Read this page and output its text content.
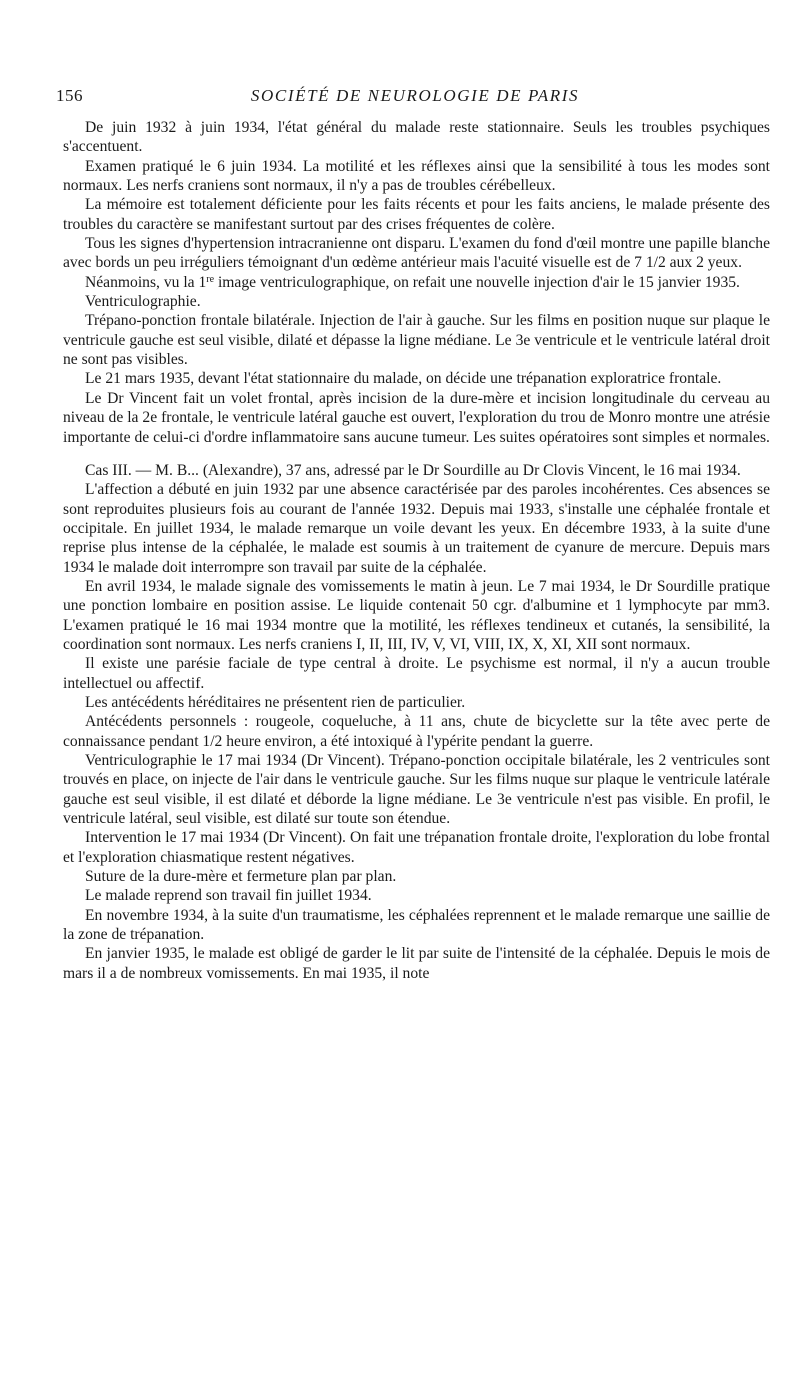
156	SOCIÉTÉ DE NEUROLOGIE DE PARIS

De juin 1932 à juin 1934, l'état général du malade reste stationnaire. Seuls les troubles psychiques s'accentuent.

Examen pratiqué le 6 juin 1934. La motilité et les réflexes ainsi que la sensibilité à tous les modes sont normaux. Les nerfs craniens sont normaux, il n'y a pas de troubles cérébelleux.

La mémoire est totalement déficiente pour les faits récents et pour les faits anciens, le malade présente des troubles du caractère se manifestant surtout par des crises fréquentes de colère.

Tous les signes d'hypertension intracranienne ont disparu. L'examen du fond d'œil montre une papille blanche avec bords un peu irréguliers témoignant d'un œdème antérieur mais l'acuité visuelle est de 7 1/2 aux 2 yeux.

Néanmoins, vu la 1re image ventriculographique, on refait une nouvelle injection d'air le 15 janvier 1935.

Ventriculographie.

Trépano-ponction frontale bilatérale. Injection de l'air à gauche. Sur les films en position nuque sur plaque le ventricule gauche est seul visible, dilaté et dépasse la ligne médiane. Le 3e ventricule et le ventricule latéral droit ne sont pas visibles.

Le 21 mars 1935, devant l'état stationnaire du malade, on décide une trépanation exploratrice frontale.

Le Dr Vincent fait un volet frontal, après incision de la dure-mère et incision longitudinale du cerveau au niveau de la 2e frontale, le ventricule latéral gauche est ouvert, l'exploration du trou de Monro montre une atrésie importante de celui-ci d'ordre inflammatoire sans aucune tumeur. Les suites opératoires sont simples et normales.

Cas III. — M. B... (Alexandre), 37 ans, adressé par le Dr Sourdille au Dr Clovis Vincent, le 16 mai 1934.

L'affection a débuté en juin 1932 par une absence caractérisée par des paroles incohérentes. Ces absences se sont reproduites plusieurs fois au courant de l'année 1932. Depuis mai 1933, s'installe une céphalée frontale et occipitale. En juillet 1934, le malade remarque un voile devant les yeux. En décembre 1933, à la suite d'une reprise plus intense de la céphalée, le malade est soumis à un traitement de cyanure de mercure. Depuis mars 1934 le malade doit interrompre son travail par suite de la céphalée.

En avril 1934, le malade signale des vomissements le matin à jeun. Le 7 mai 1934, le Dr Sourdille pratique une ponction lombaire en position assise. Le liquide contenait 50 cgr. d'albumine et 1 lymphocyte par mm3. L'examen pratiqué le 16 mai 1934 montre que la motilité, les réflexes tendineux et cutanés, la sensibilité, la coordination sont normaux. Les nerfs craniens I, II, III, IV, V, VI, VIII, IX, X, XI, XII sont normaux.

Il existe une parésie faciale de type central à droite. Le psychisme est normal, il n'y a aucun trouble intellectuel ou affectif.

Les antécédents héréditaires ne présentent rien de particulier.

Antécédents personnels : rougeole, coqueluche, à 11 ans, chute de bicyclette sur la tête avec perte de connaissance pendant 1/2 heure environ, a été intoxiqué à l'ypérite pendant la guerre.

Ventriculographie le 17 mai 1934 (Dr Vincent). Trépano-ponction occipitale bilatérale, les 2 ventricules sont trouvés en place, on injecte de l'air dans le ventricule gauche. Sur les films nuque sur plaque le ventricule latérale gauche est seul visible, il est dilaté et déborde la ligne médiane. Le 3e ventricule n'est pas visible. En profil, le ventricule latéral, seul visible, est dilaté sur toute son étendue.

Intervention le 17 mai 1934 (Dr Vincent). On fait une trépanation frontale droite, l'exploration du lobe frontal et l'exploration chiasmatique restent négatives.

Suture de la dure-mère et fermeture plan par plan.

Le malade reprend son travail fin juillet 1934.

En novembre 1934, à la suite d'un traumatisme, les céphalées reprennent et le malade remarque une saillie de la zone de trépanation.

En janvier 1935, le malade est obligé de garder le lit par suite de l'intensité de la céphalée. Depuis le mois de mars il a de nombreux vomissements. En mai 1935, il note
